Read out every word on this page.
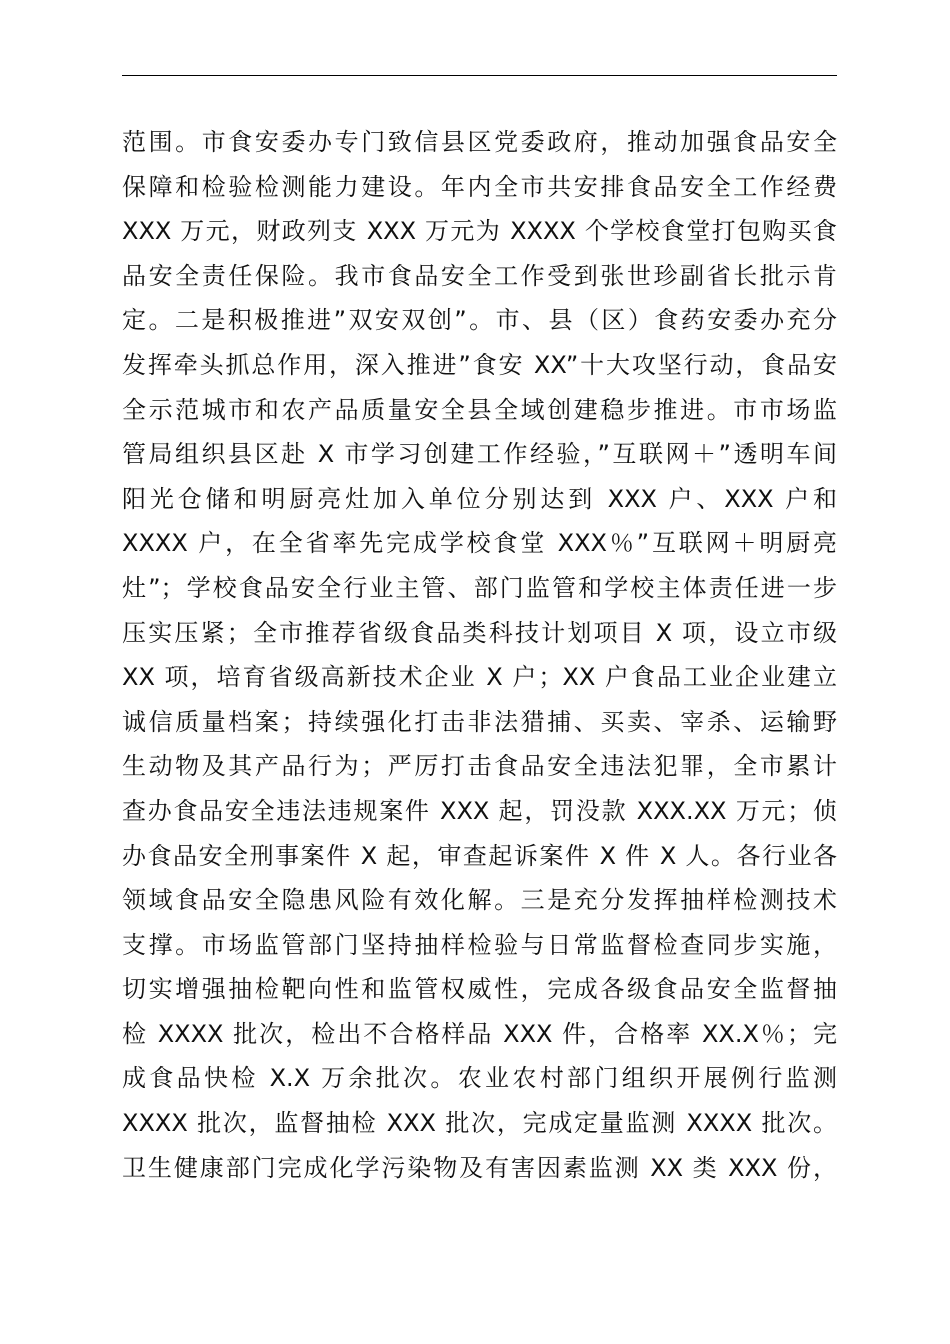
范围。市食安委办专门致信县区党委政府，推动加强食品安全
保障和检验检测能力建设。年内全市共安排食品安全工作经费
XXX 万元，财政列支 XXX 万元为 XXXX 个学校食堂打包购买食
品安全责任保险。我市食品安全工作受到张世珍副省长批示肯
定。二是积极推进”双安双创”。市、县（区）食药安委办充分
发挥牵头抓总作用，深入推进”食安 XX”十大攻坚行动，食品安
全示范城市和农产品质量安全县全域创建稳步推进。市市场监
管局组织县区赴 X 市学习创建工作经验，”互联网＋”透明车间
阳光仓储和明厨亮灶加入单位分别达到 XXX 户、XXX 户和
XXXX 户，在全省率先完成学校食堂 XXX％”互联网＋明厨亮
灶”；学校食品安全行业主管、部门监管和学校主体责任进一步
压实压紧；全市推荐省级食品类科技计划项目 X 项，设立市级
XX 项，培育省级高新技术企业 X 户；XX 户食品工业企业建立
诚信质量档案；持续强化打击非法猎捕、买卖、宰杀、运输野
生动物及其产品行为；严厉打击食品安全违法犯罪，全市累计
查办食品安全违法违规案件 XXX 起，罚没款 XXX.XX 万元；侦
办食品安全刑事案件 X 起，审查起诉案件 X 件 X 人。各行业各
领域食品安全隐患风险有效化解。三是充分发挥抽样检测技术
支撑。市场监管部门坚持抽样检验与日常监督检查同步实施，
切实增强抽检靶向性和监管权威性，完成各级食品安全监督抽
检 XXXX 批次，检出不合格样品 XXX 件，合格率 XX.X％；完
成食品快检 X.X 万余批次。农业农村部门组织开展例行监测
XXXX 批次，监督抽检 XXX 批次，完成定量监测 XXXX 批次。
卫生健康部门完成化学污染物及有害因素监测 XX 类 XXX 份，
